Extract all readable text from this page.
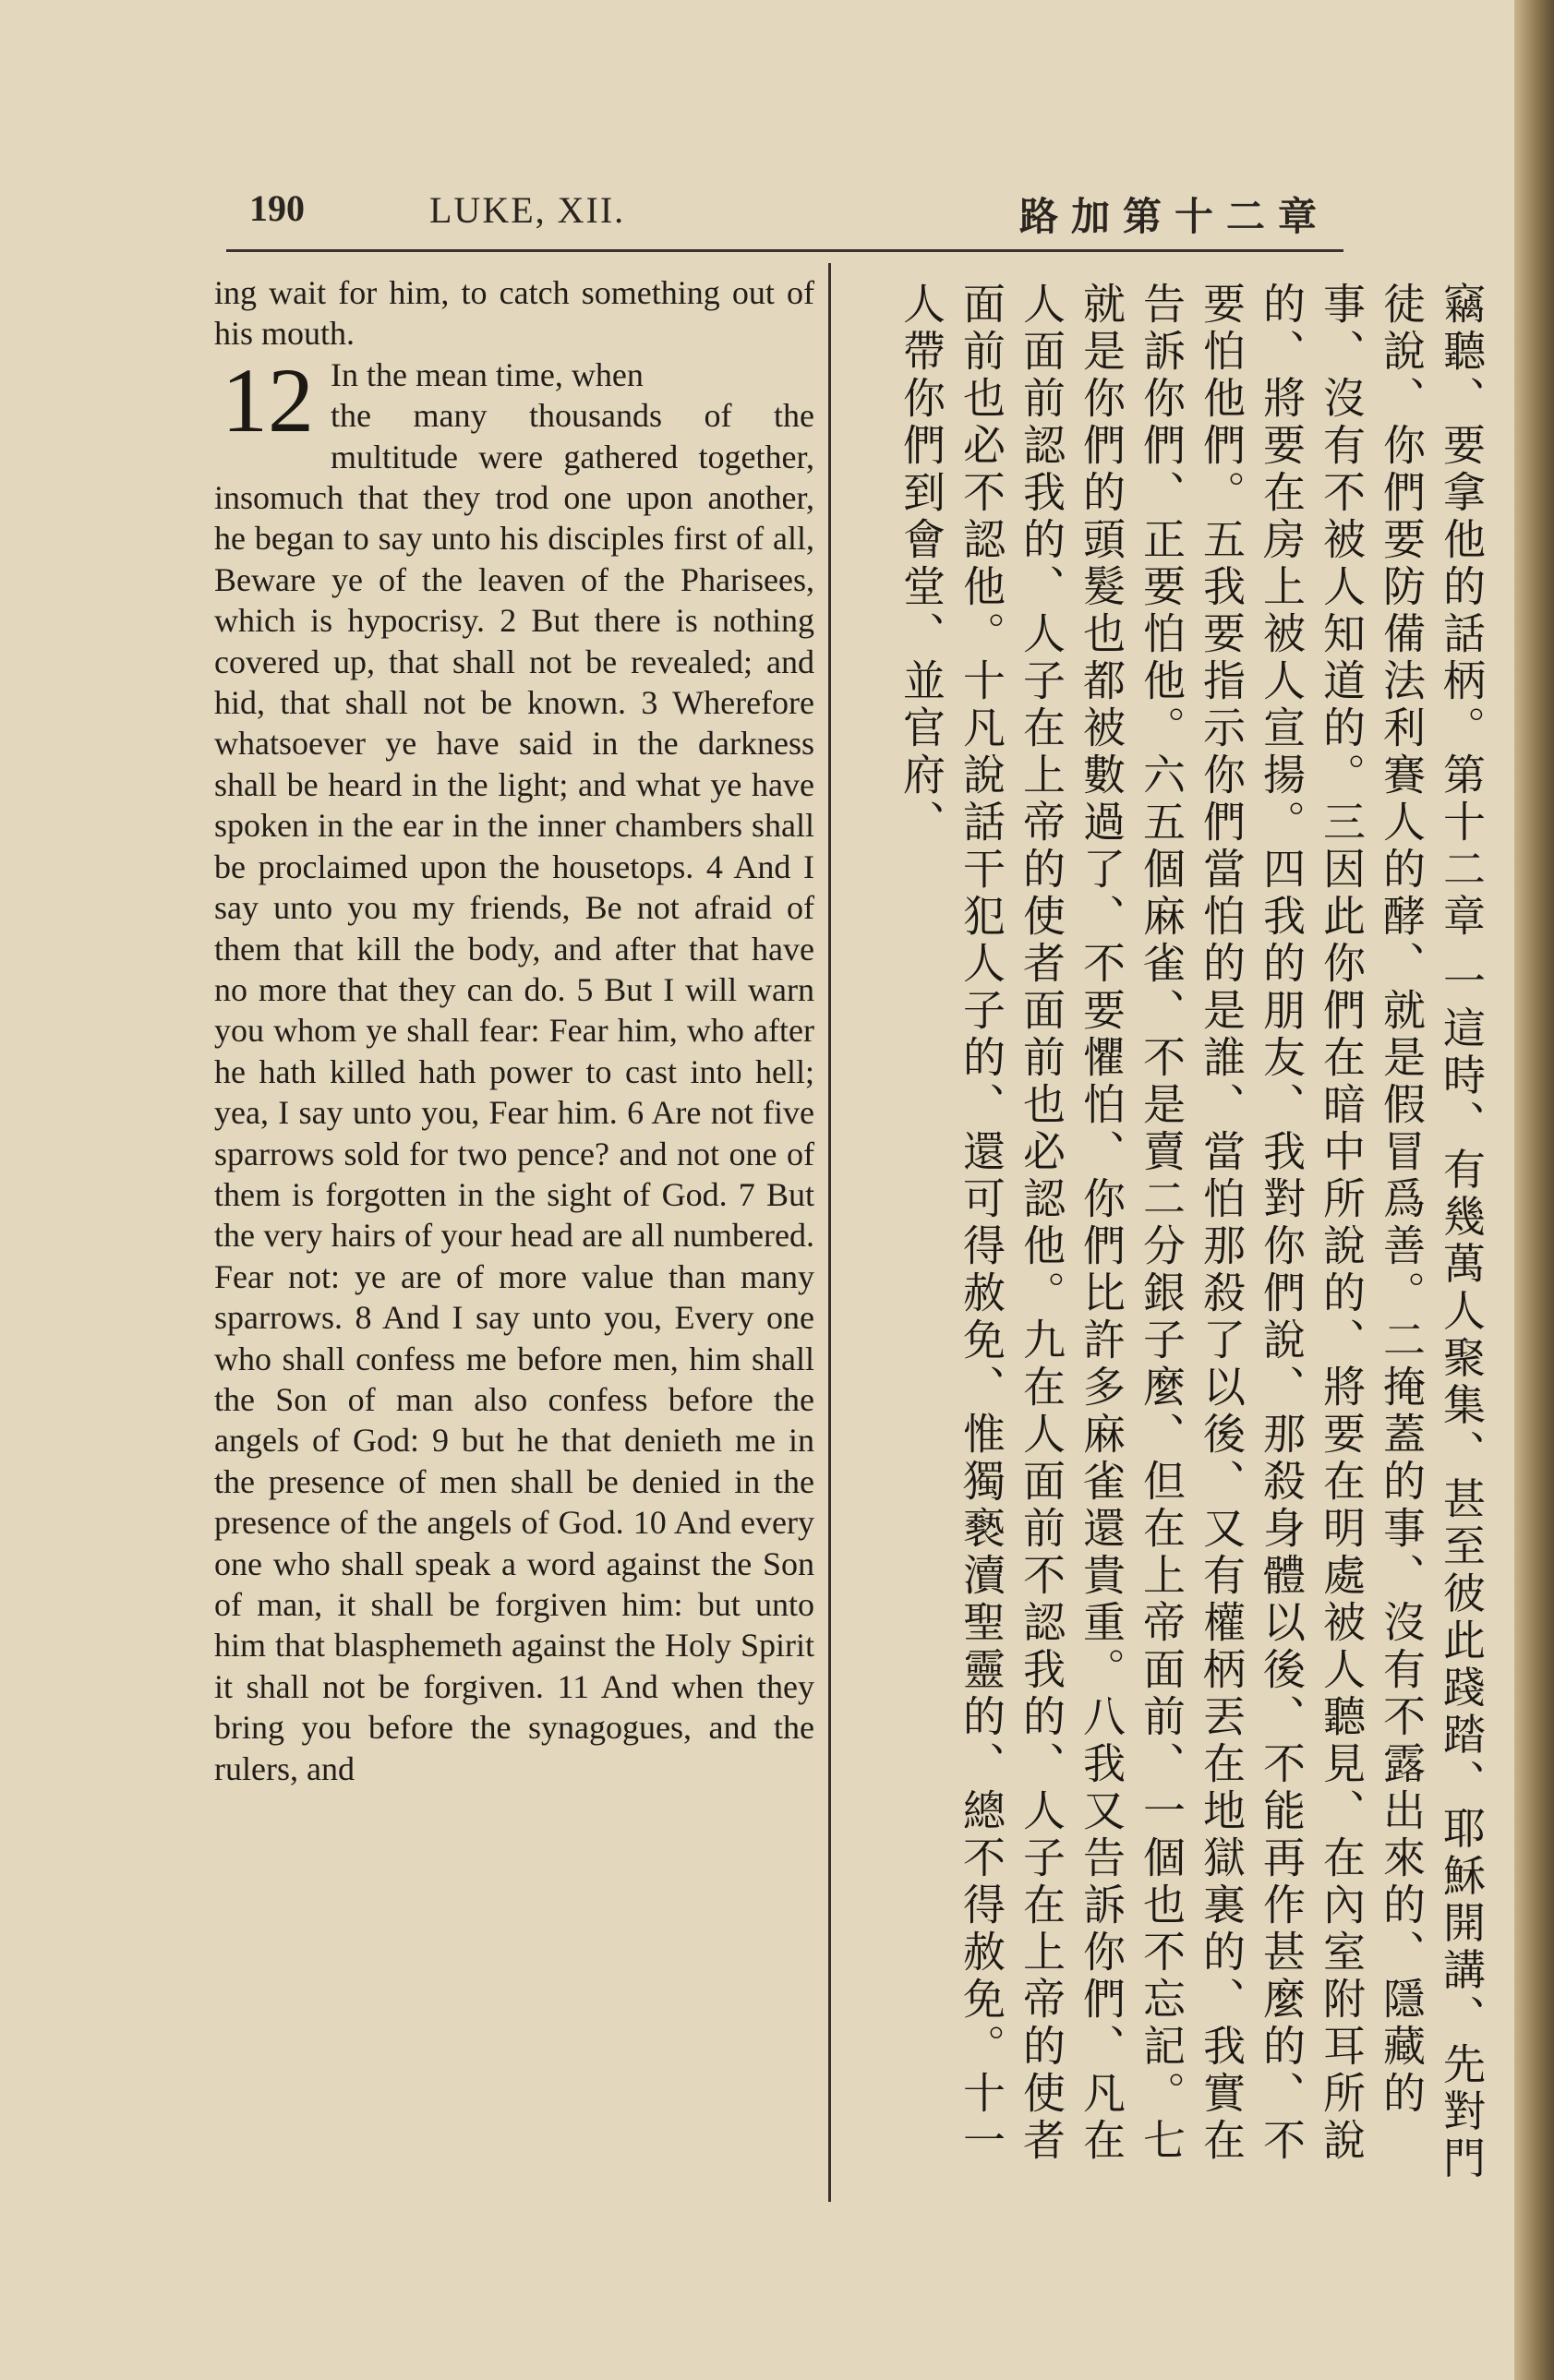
190	LUKE, XII.	路加第十二章

ing wait for him, to catch something out of his mouth.

12 In the mean time, when
the many thousands of the multitude were gathered together, insomuch that they trod one upon another, he began to say unto his disciples first of all, Beware ye of the leaven of the Pharisees, which is hypocrisy. 2 But there is nothing covered up, that shall not be revealed; and hid, that shall not be known. 3 Wherefore whatsoever ye have said in the darkness shall be heard in the light; and what ye have spoken in the ear in the inner chambers shall be proclaimed upon the housetops. 4 And I say unto you my friends, Be not afraid of them that kill the body, and after that have no more that they can do. 5 But I will warn you whom ye shall fear: Fear him, who after he hath killed hath power to cast into hell; yea, I say unto you, Fear him. 6 Are not five sparrows sold for two pence? and not one of them is forgotten in the sight of God. 7 But the very hairs of your head are all numbered. Fear not: ye are of more value than many sparrows. 8 And I say unto you, Every one who shall confess me before men, him shall the Son of man also confess before the angels of God: 9 but he that denieth me in the presence of men shall be denied in the presence of the angels of God. 10 And every one who shall speak a word against the Son of man, it shall be forgiven him: but unto him that blasphemeth against the Holy Spirit it shall not be forgiven. 11 And when they bring you before the synagogues, and the rulers, and	竊聽、要拿他的話柄。第十二章 一這時、有幾萬人聚集、甚至彼此踐踏、耶穌開講、先對門徒說、你們要防備法利賽人的酵、就是假冒爲善。二掩蓋的事、沒有不露出來的、隱藏的事、沒有不被人知道的。三因此你們在暗中所說的、將要在明處被人聽見、在內室附耳所說的、將要在房上被人宣揚。四我的朋友、我對你們說、那殺身體以後、不能再作甚麼的、不要怕他們。五我要指示你們當怕的是誰、當怕那殺了以後、又有權柄丟在地獄裏的、我實在告訴你們、正要怕他。六五個麻雀、不是賣二分銀子麼、但在上帝面前、一個也不忘記。七就是你們的頭髮也都被數過了、不要懼怕、你們比許多麻雀還貴重。八我又告訴你們、凡在人面前認我的、人子在上帝的使者面前也必認他。九在人面前不認我的、人子在上帝的使者面前也必不認他。十凡說話干犯人子的、還可得赦免、惟獨褻瀆聖靈的、總不得赦免。十一人帶你們到會堂、並官府、
